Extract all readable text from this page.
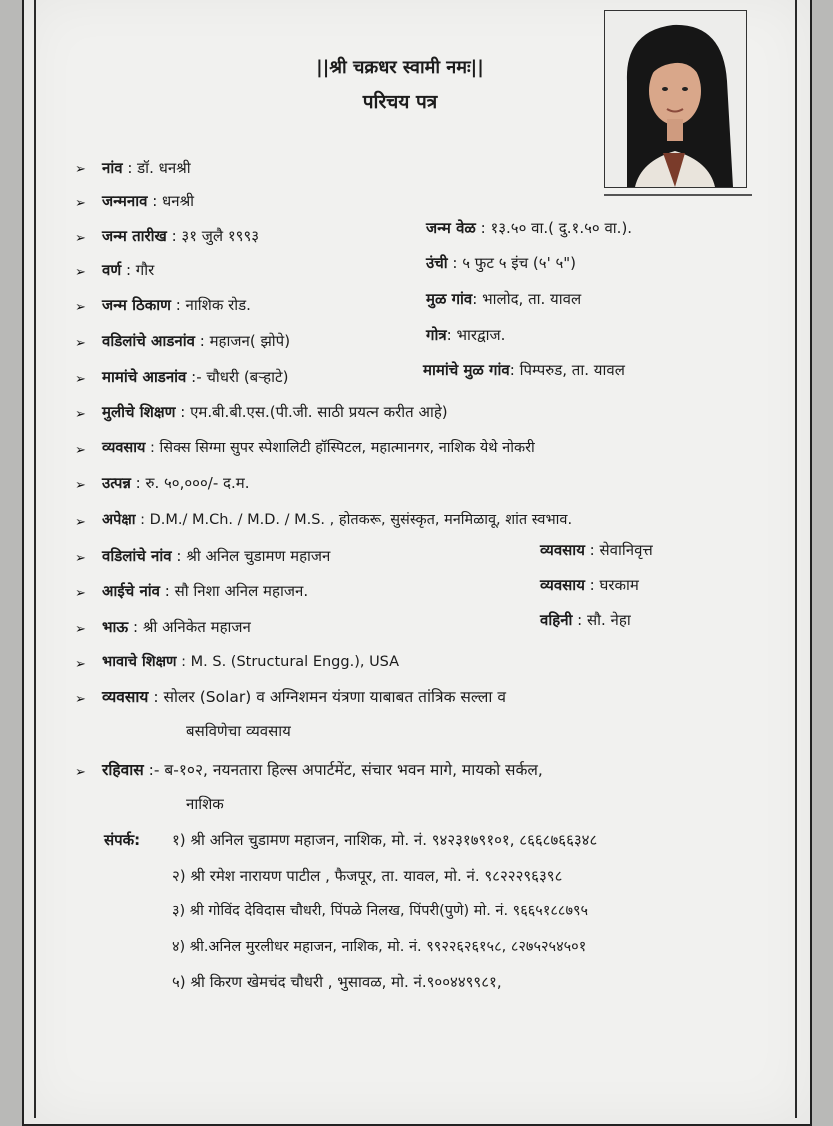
||श्री चक्रधर स्वामी नमः||
परिचय पत्र
➢ नांव : डॉ. धनश्री
➢ जन्मनाव : धनश्री
➢ जन्म तारीख : ३१ जुलै १९९३
➢ वर्ण : गौर
➢ जन्म ठिकाण : नाशिक रोड.
➢ वडिलांचे आडनांव : महाजन( झोपे)
➢ मामांचे आडनांव :- चौधरी (बऱ्हाटे)
➢ मुलीचे शिक्षण : एम.बी.बी.एस.(पी.जी. साठी प्रयत्न करीत आहे)
➢ व्यवसाय : सिक्स सिग्मा सुपर स्पेशालिटी हॉस्पिटल, महात्मानगर, नाशिक येथे नोकरी
➢ उत्पन्न : रु. ५०,०००/- द.म.
➢ अपेक्षा : D.M./ M.Ch. / M.D. / M.S. , होतकरू, सुसंस्कृत, मनमिळावू, शांत स्वभाव.
➢ वडिलांचे नांव : श्री अनिल चुडामण महाजन
➢ आईचे नांव : सौ निशा अनिल महाजन.
➢ भाऊ : श्री अनिकेत महाजन
➢ भावाचे शिक्षण : M. S. (Structural Engg.), USA
➢ व्यवसाय : सोलर (Solar) व अग्निशमन यंत्रणा याबाबत तांत्रिक सल्ला व
बसविणेचा व्यवसाय
➢ रहिवास :- ब-१०२, नयनतारा हिल्स अपार्टमेंट, संचार भवन मागे, मायको सर्कल,
नाशिक
जन्म वेळ : १३.५० वा.( दु.१.५० वा.).
उंची : ५ फुट ५ इंच (५' ५")
मुळ गांव: भालोद, ता. यावल
गोत्र: भारद्वाज.
मामांचे मुळ गांव: पिम्परुड, ता. यावल
व्यवसाय : सेवानिवृत्त
व्यवसाय : घरकाम
वहिनी : सौ. नेहा
संपर्क: १) श्री अनिल चुडामण महाजन, नाशिक, मो. नं. ९४२३१७९१०१, ८६६८७६६३४८
२) श्री रमेश नारायण पाटील , फैजपूर, ता. यावल, मो. नं. ९८२२२९६३९८
३) श्री गोविंद देविदास चौधरी, पिंपळे निलख, पिंपरी(पुणे) मो. नं. ९६६५१८८७९५
४) श्री.अनिल मुरलीधर महाजन, नाशिक, मो. नं. ९९२२६२६१५८, ८२७५२५४५०१
५) श्री किरण खेमचंद चौधरी , भुसावळ, मो. नं.९००४४९९८१,
